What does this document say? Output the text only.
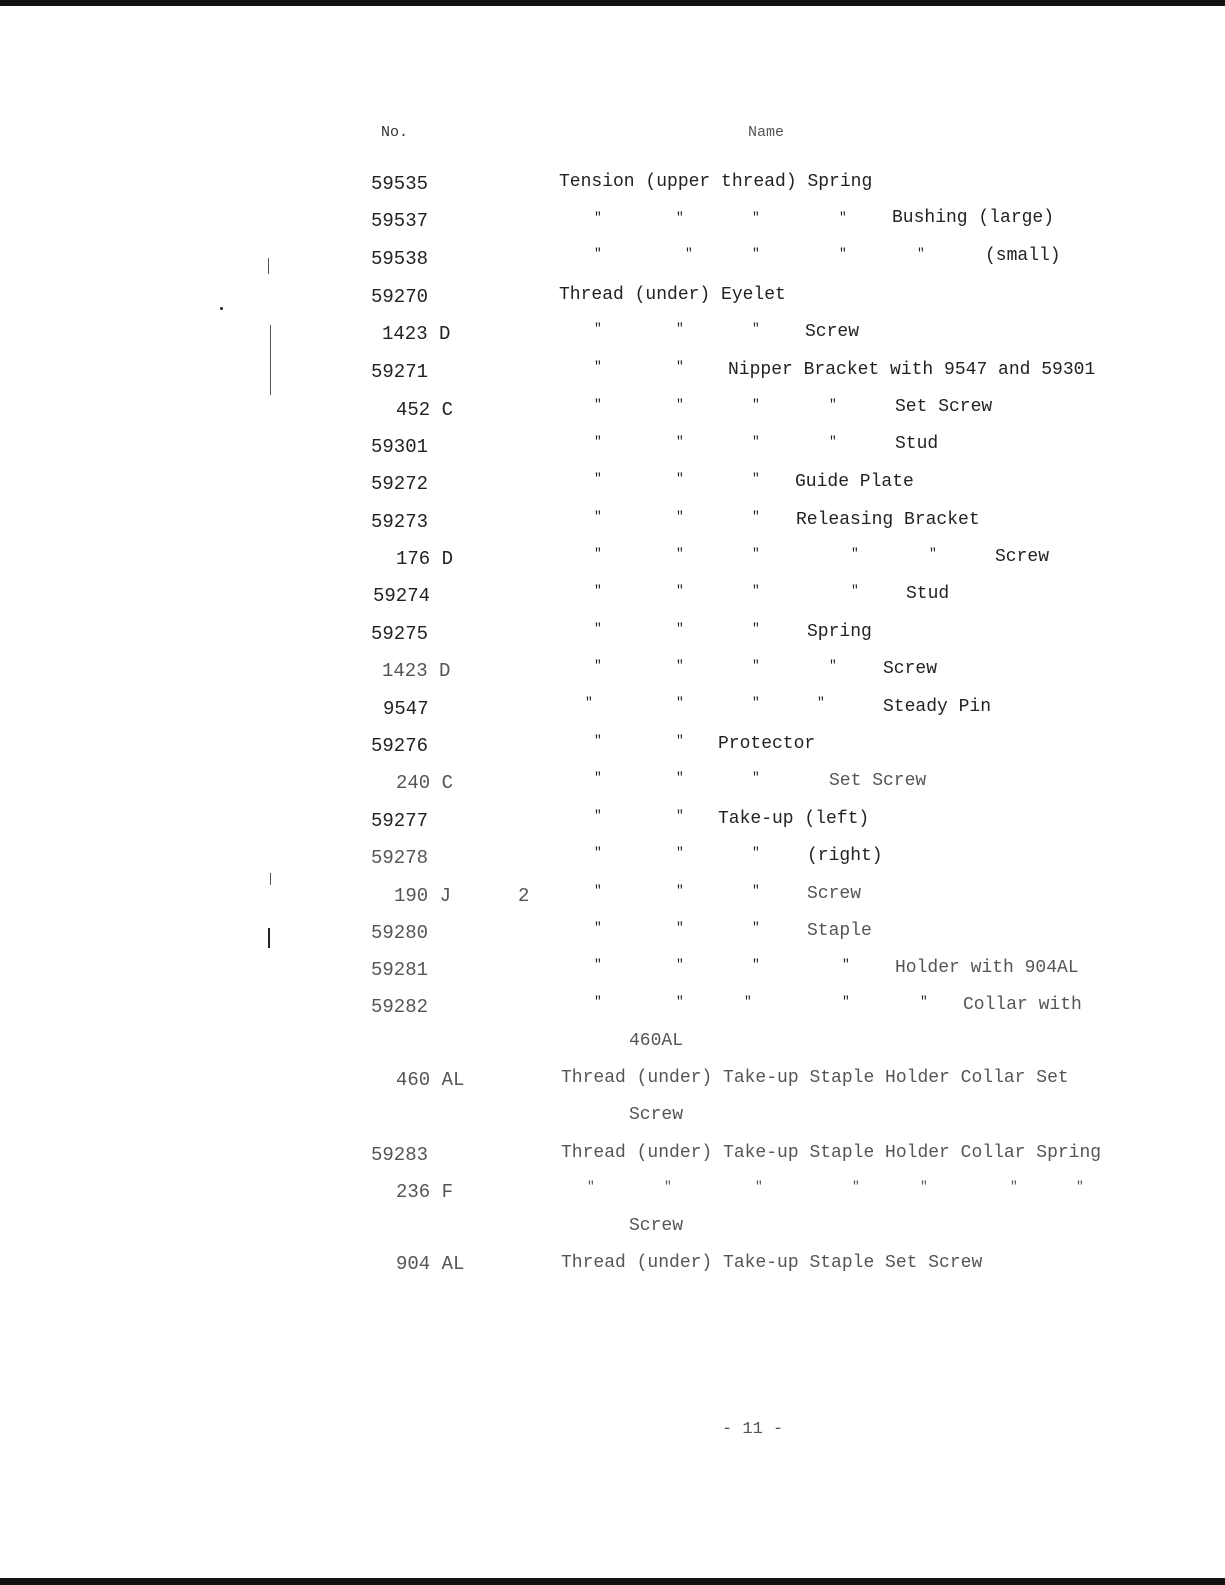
No.	Name
59535	Tension (upper thread) Spring
59537	"	"	"	"	Bushing (large)
59538	"	"	"	"	"	(small)
59270	Thread (under) Eyelet
1423 D	"	"	"	Screw
59271	"	" Nipper Bracket with 9547 and 59301
452 C	"	"	"	"	Set Screw
59301	"	"	"	"	Stud
59272	"	"	" Guide Plate
59273	"	"	" Releasing Bracket
176 D	"	"	"	"	"	Screw
59274	"	"	"	"	Stud
59275	"	"	"	Spring
1423 D	"	"	"	"	Screw
9547	"	"	"	"	Steady Pin
59276	"	" Protector
240 C	"	"	"	Set Screw
59277	"	" Take-up (left)
59278	"	"	"	(right)
190 J	2	"	"	"	Screw
59280	"	"	"	Staple
59281	"	"	"	"	Holder with 904AL
59282	"	"	"	"	" Collar with
460AL
460 AL	Thread (under) Take-up Staple Holder Collar Set
Screw
59283	Thread (under) Take-up Staple Holder Collar Spring
236 F	"	"	"	"	"	"	"
Screw
904 AL	Thread (under) Take-up Staple Set Screw
- 11 -
